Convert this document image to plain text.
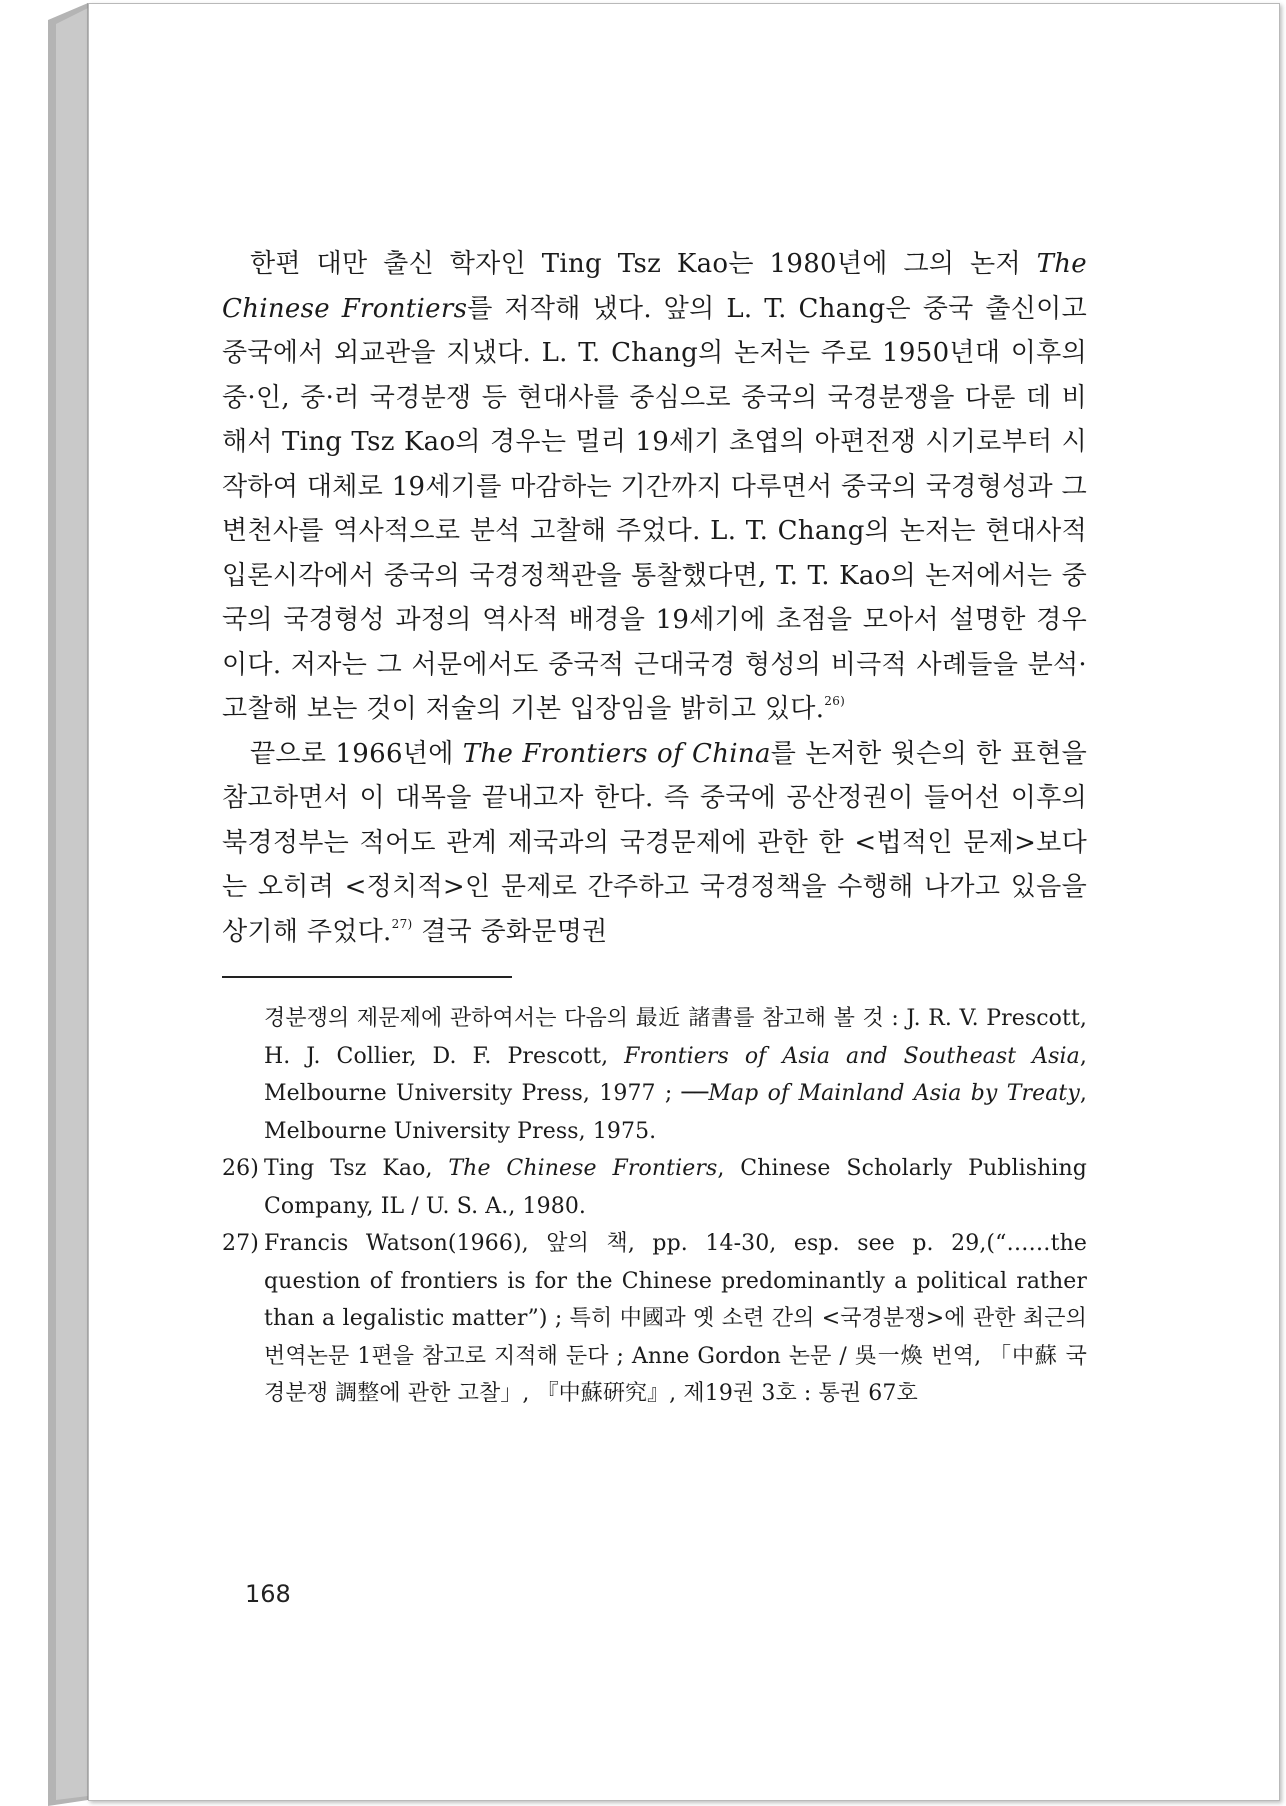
한편 대만 출신 학자인 Ting Tsz Kao는 1980년에 그의 논저 The Chinese Frontiers를 저작해 냈다. 앞의 L. T. Chang은 중국 출신이고 중국에서 외교관을 지냈다. L. T. Chang의 논저는 주로 1950년대 이후의 중·인, 중·러 국경분쟁 등 현대사를 중심으로 중국의 국경분쟁을 다룬 데 비해서 Ting Tsz Kao의 경우는 멀리 19세기 초엽의 아편전쟁 시기로부터 시작하여 대체로 19세기를 마감하는 기간까지 다루면서 중국의 국경형성과 그 변천사를 역사적으로 분석 고찰해 주었다. L. T. Chang의 논저는 현대사적 입론시각에서 중국의 국경정책관을 통찰했다면, T. T. Kao의 논저에서는 중국의 국경형성 과정의 역사적 배경을 19세기에 초점을 모아서 설명한 경우이다. 저자는 그 서문에서도 중국적 근대국경 형성의 비극적 사례들을 분석·고찰해 보는 것이 저술의 기본 입장임을 밝히고 있다.$^{26)}$

끝으로 1966년에 The Frontiers of China를 논저한 윗슨의 한 표현을 참고하면서 이 대목을 끝내고자 한다. 즉 중국에 공산정권이 들어선 이후의 북경정부는 적어도 관계 제국과의 국경문제에 관한 한 <법적인 문제>보다는 오히려 <정치적>인 문제로 간주하고 국경정책을 수행해 나가고 있음을 상기해 주었다.$^{27)}$ 결국 중화문명권

경분쟁의 제문제에 관하여서는 다음의 最近 諸書를 참고해 볼 것 : J. R. V. Prescott, H. J. Collier, D. F. Prescott, Frontiers of Asia and Southeast Asia, Melbourne University Press, 1977 ; ──Map of Mainland Asia by Treaty, Melbourne University Press, 1975.
26) Ting Tsz Kao, The Chinese Frontiers, Chinese Scholarly Publishing Company, IL / U. S. A., 1980.
27) Francis Watson(1966), 앞의 책, pp. 14-30, esp. see p. 29,(“……the question of frontiers is for the Chinese predominantly a political rather than a legalistic matter”) ; 특히 中國과 옛 소련 간의 <국경분쟁>에 관한 최근의 번역논문 1편을 참고로 지적해 둔다 ; Anne Gordon 논문 / 吳一煥 번역, 「中蘇 국경분쟁 調整에 관한 고찰」, 『中蘇硏究』, 제19권 3호 : 통권 67호
168
